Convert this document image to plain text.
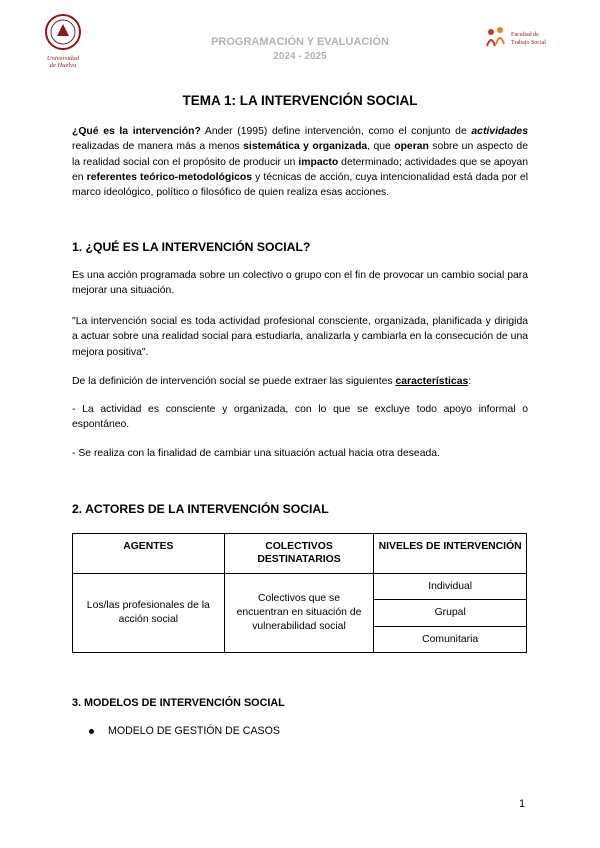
Universidad
de Huelva
PROGRAMACIÓN Y EVALUACIÓN
2024 - 2025
Facultad de
Trabajo Social
TEMA 1: LA INTERVENCIÓN SOCIAL

¿Qué es la intervención? Ander (1995) define intervención, como el conjunto de actividades realizadas de manera más a menos sistemática y organizada, que operan sobre un aspecto de la realidad social con el propósito de producir un impacto determinado; actividades que se apoyan en referentes teórico-metodológicos y técnicas de acción, cuya intencionalidad está dada por el marco ideológico, político o filosófico de quien realiza esas acciones.

1. ¿QUÉ ES LA INTERVENCIÓN SOCIAL?

Es una acción programada sobre un colectivo o grupo con el fin de provocar un cambio social para mejorar una situación.

"La intervención social es toda actividad profesional consciente, organizada, planificada y dirigida a actuar sobre una realidad social para estudiarla, analizarla y cambiarla en la consecución de una mejora positiva".

De la definición de intervención social se puede extraer las siguientes características:

- La actividad es consciente y organizada, con lo que se excluye todo apoyo informal o espontáneo.

- Se realiza con la finalidad de cambiar una situación actual hacia otra deseada.

2. ACTORES DE LA INTERVENCIÓN SOCIAL
AGENTES	COLECTIVOS DESTINATARIOS	NIVELES DE INTERVENCIÓN
Los/las profesionales de la acción social	Colectivos que se encuentran en situación de vulnerabilidad social	Individual
		Grupal
		Comunitaria
3. MODELOS DE INTERVENCIÓN SOCIAL
MODELO DE GESTIÓN DE CASOS
1
